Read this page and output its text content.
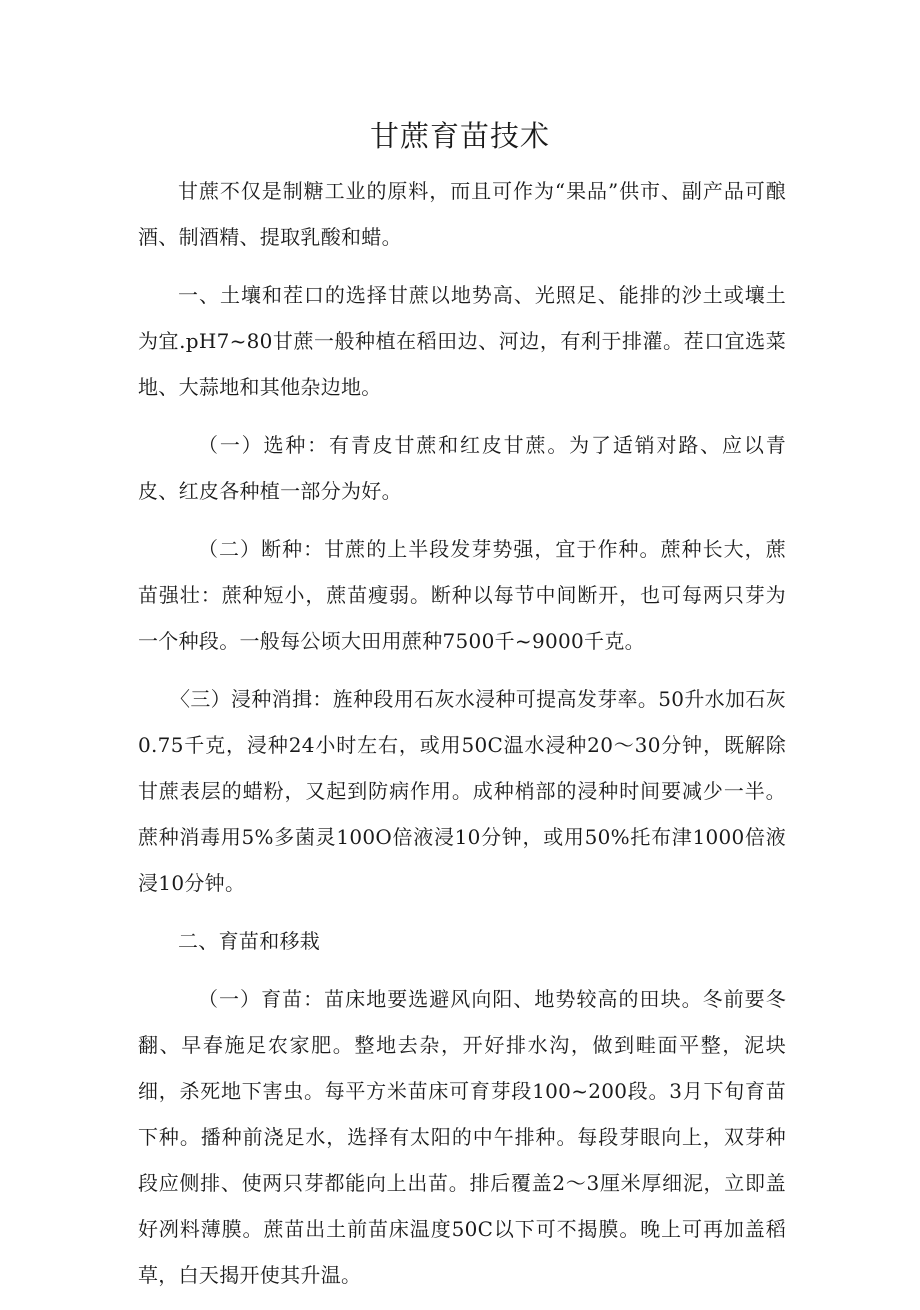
甘蔗育苗技术

甘蔗不仅是制糖工业的原料，而且可作为“果品”供市、副产品可酿酒、制酒精、提取乳酸和蜡。

一、土壤和茬口的选择甘蔗以地势高、光照足、能排的沙土或壤土为宜.pH7~80甘蔗一般种植在稻田边、河边，有利于排灌。茬口宜选菜地、大蒜地和其他杂边地。

（一）选种：有青皮甘蔗和红皮甘蔗。为了适销对路、应以青皮、红皮各种植一部分为好。

（二）断种：甘蔗的上半段发芽势强，宜于作种。蔗种长大，蔗苗强壮：蔗种短小，蔗苗瘦弱。断种以每节中间断开，也可每两只芽为一个种段。一般每公顷大田用蔗种7500千~9000千克。

〈三）浸种消揖：旌种段用石灰水浸种可提高发芽率。50升水加石灰0.75千克，浸种24小时左右，或用50C温水浸种20～30分钟，既解除甘蔗表层的蜡粉，又起到防病作用。成种梢部的浸种时间要减少一半。蔗种消毒用5%多菌灵100O倍液浸10分钟，或用50%托布津1000倍液浸10分钟。

二、育苗和移栽

（一）育苗：苗床地要选避风向阳、地势较高的田块。冬前要冬翻、早春施足农家肥。整地去杂，开好排水沟，做到畦面平整，泥块细，杀死地下害虫。每平方米苗床可育芽段100~200段。3月下旬育苗下种。播种前浇足水，选择有太阳的中午排种。每段芽眼向上，双芽种段应侧排、使两只芽都能向上出苗。排后覆盖2～3厘米厚细泥，立即盖好冽料薄膜。蔗苗出土前苗床温度50C以下可不揭膜。晚上可再加盖稻草，白天揭开使其升温。
